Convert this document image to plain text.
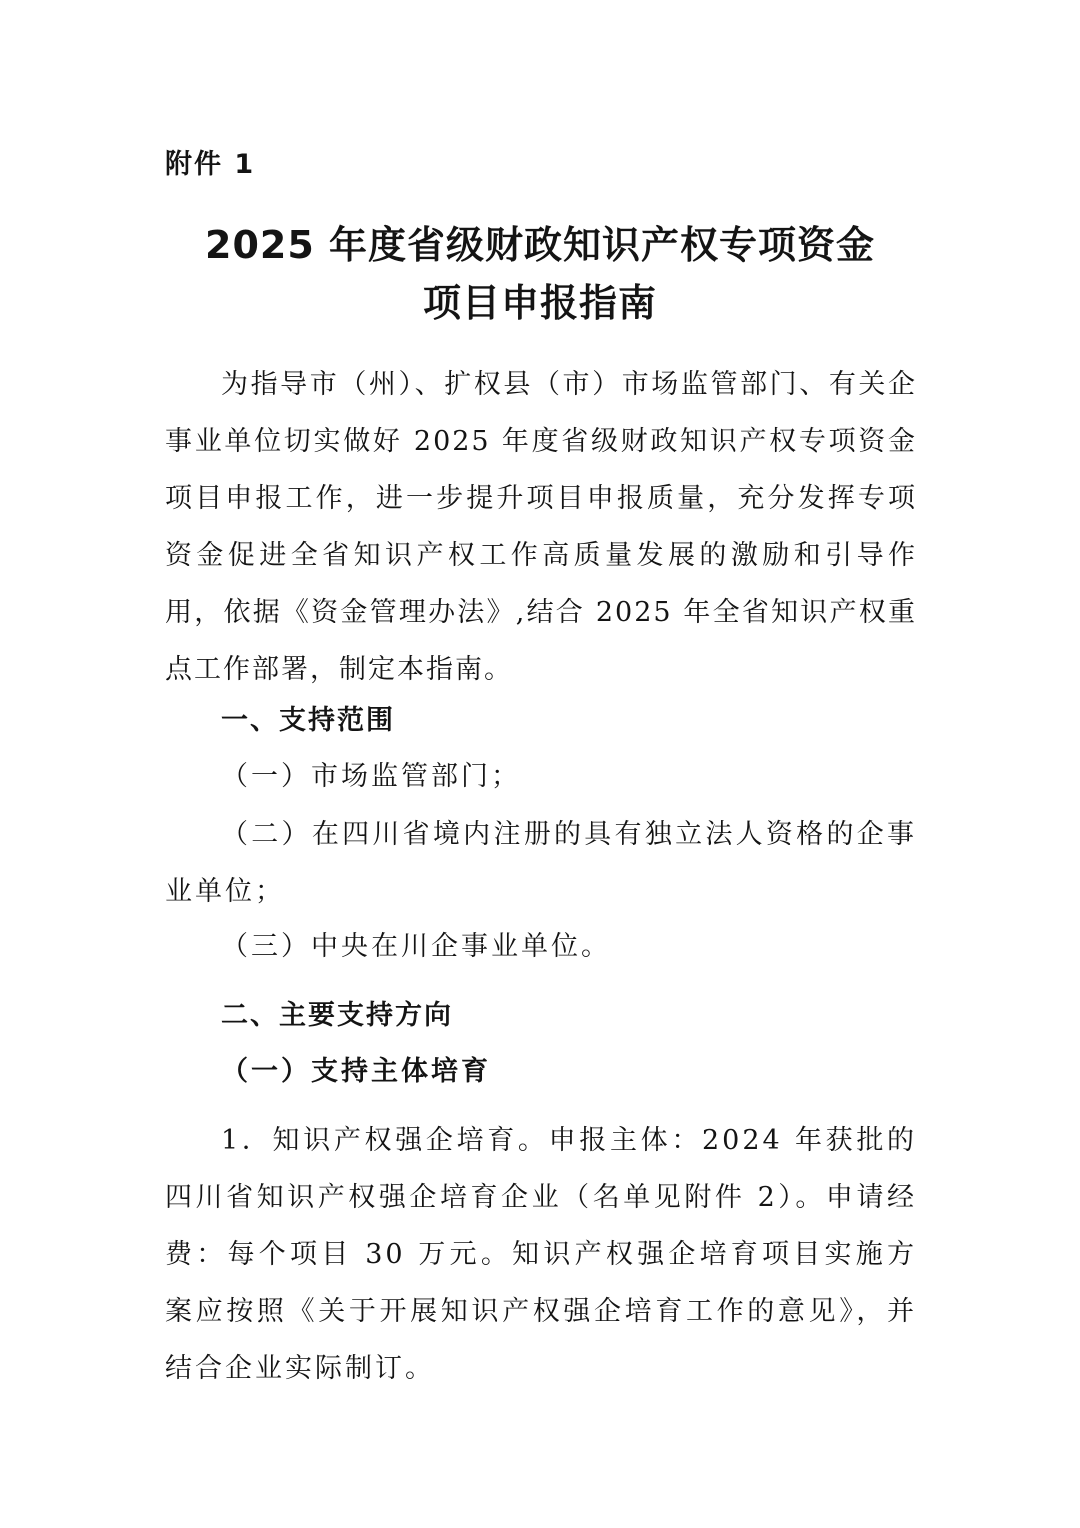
附件 1
2025 年度省级财政知识产权专项资金
项目申报指南
为指导市（州）、扩权县（市）市场监管部门、有关企事业单位切实做好 2025 年度省级财政知识产权专项资金项目申报工作，进一步提升项目申报质量，充分发挥专项资金促进全省知识产权工作高质量发展的激励和引导作用，依据《资金管理办法》,结合 2025 年全省知识产权重点工作部署，制定本指南。
一、支持范围
（一）市场监管部门；
（二）在四川省境内注册的具有独立法人资格的企事业单位；
（三）中央在川企事业单位。
二、主要支持方向
（一）支持主体培育
1．知识产权强企培育。申报主体：2024 年获批的四川省知识产权强企培育企业（名单见附件 2）。申请经费：每个项目 30 万元。知识产权强企培育项目实施方案应按照《关于开展知识产权强企培育工作的意见》，并结合企业实际制订。
